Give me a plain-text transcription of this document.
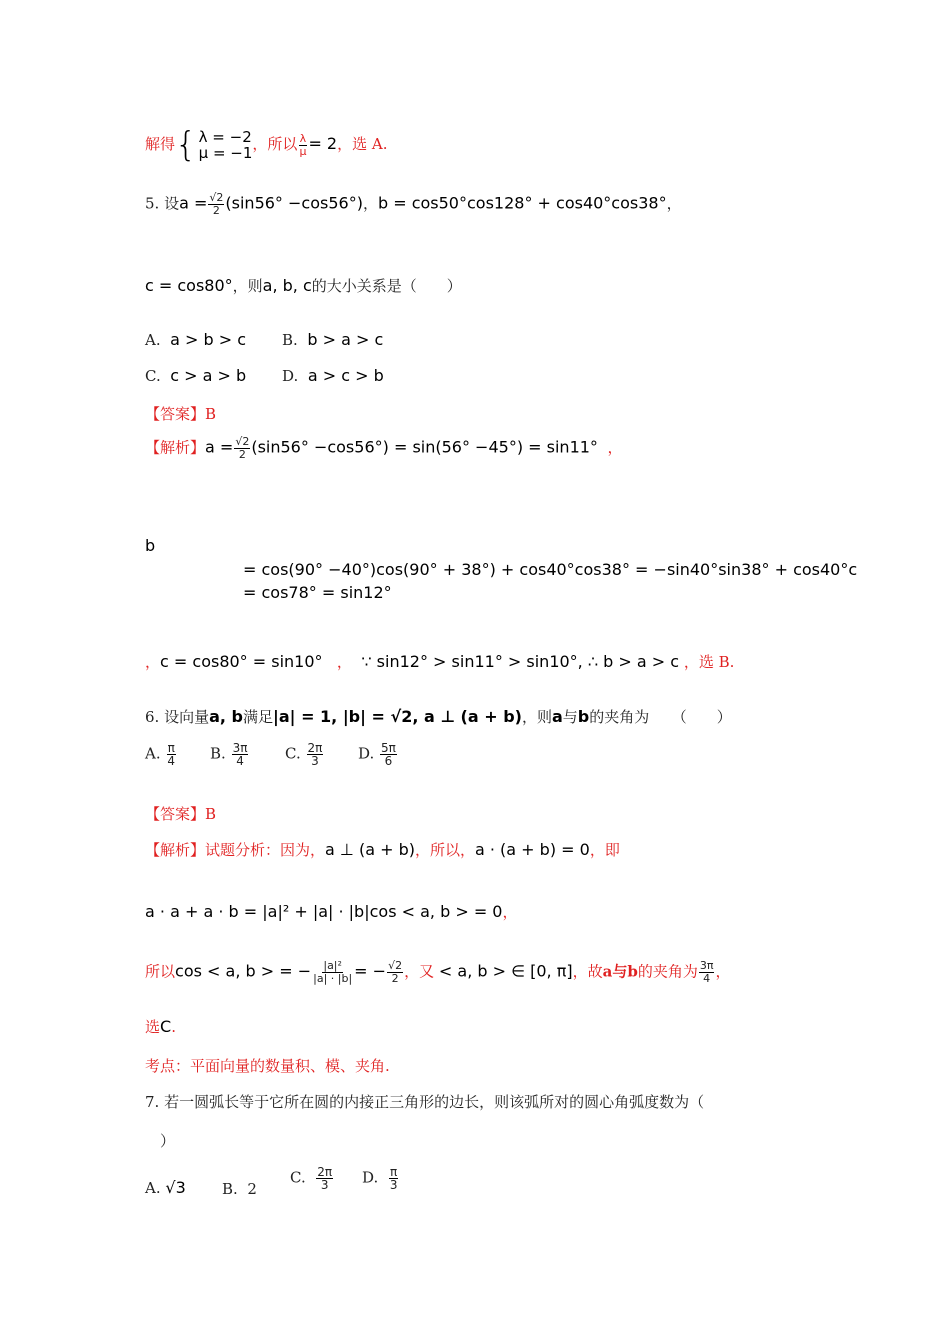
解得 { λ = −2
μ = −1 ，所以 $\frac{\lambda}{\mu} = 2$，选 A.
5. 设$a = \frac{√2}{2} (\sin 56^\circ -\cos 56^\circ)$，b = cos50°cos128° + cos40°cos38°，
c = cos80°，则a, b, c的大小关系是（　　）
A. a > b > c B. b > a > c
C. c > a > b D. a > c > b
【答案】B
【解析】$a = \frac{√2}{2} (\sin 56^\circ -\cos 56^\circ) = \sin(56^\circ -45^\circ) = \sin 11^\circ$ ，
b
= cos(90° −40°)cos(90° + 38°) + cos40°cos38° = −sin40°sin38° + cos40°c
= cos78° = sin12°
，c = cos80° = sin10° ， ∵ sin12° > sin11° > sin10°, ∴ b > a > c ，选 B.
6. 设向量a, b满足|a| = 1, |b| = √2, a ⊥ (a + b)，则a与b的夹角为　　（　　）
A. $\frac{\pi}{4} B$. $\frac{3\pi}{4} C$. $\frac{2\pi}{3} D$. $\frac{5\pi}{6}$
【答案】B
【解析】试题分析：因为，a ⊥ (a + b)，所以，a · (a + b) = 0，即
a · a + a · b = |a|² + |a| · |b|cos < a, b > = 0，
所以cos < a, b > = − $\frac{\text{|a|²}}{|a| \cdot |b|}$ = − $\frac{√2}{2}$ ，又 < a, b > ∈ [0, π]，故a与b的夹角为 $\frac{3\pi}{4}$ ，
选C.
考点：平面向量的数量积、模、夹角.
7. 若一圆弧长等于它所在圆的内接正三角形的边长，则该弧所对的圆心角弧度数为（
）
A. √3 B. 2
C. $\frac{2\pi}{3} D$. $\frac{\pi}{3}$
